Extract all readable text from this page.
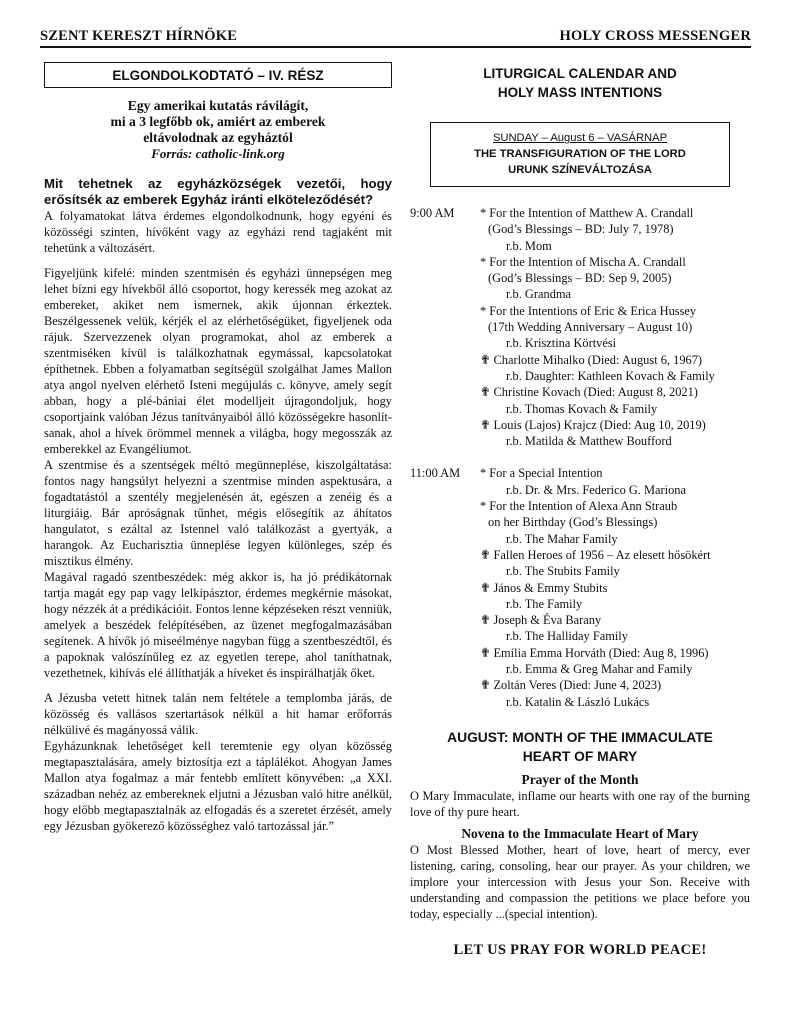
SZENT KERESZT HÍRNÖKE	HOLY CROSS MESSENGER
ELGONDOLKODTATÓ – IV. RÉSZ
Egy amerikai kutatás rávilágít,
mi a 3 legfőbb ok, amiért az emberek
eltávolodnak az egyháztól
Forrás: catholic-link.org
Mit tehetnek az egyházközségek vezetői, hogy erősítsék az emberek Egyház iránti elköteleződését?

A folyamatokat látva érdemes elgondolkodnunk, hogy egyéni és közösségi szinten, hívőként vagy az egyházi rend tagjaként mit tehetünk a változásért.

Figyeljünk kifelé: minden szentmisén és egyházi ünnepségen meg lehet bízni egy hívekből álló csoportot, hogy keressék meg azokat az embereket, akiket nem ismernek, akik újonnan érkeztek. Beszélgessenek velük, kérjék el az elérhetőségüket, figyeljenek oda rájuk. Szervezzenek olyan programokat, ahol az emberek a szentmiséken kívül is találkozhatnak egymással, kapcsolatokat építhetnek. Ebben a folyamatban segítségül szolgálhat James Mallon atya angol nyelven elérhető Isteni megújulás c. könyve, amely segít abban, hogy a plé-bániai élet modelljeit újragondoljuk, hogy csoportjaink valóban Jézus tanítványaiból álló közösségekre hasonlít-sanak, ahol a hívek örömmel mennek a világba, hogy megosszák az emberekkel az Evangéliumot.

A szentmise és a szentségek méltó megünneplése, kiszolgáltatása: fontos nagy hangsúlyt helyezni a szentmise minden aspektusára, a fogadtatástól a szentély megjelenésén át, egészen a zenéig és a liturgiáig. Bár apróságnak tűnhet, mégis elősegítik az áhítatos hangulatot, s ezáltal az Istennel való találkozást a gyertyák, a harangok. Az Eucharisztia ünneplése legyen különleges, szép és misztikus élmény.

Magával ragadó szentbeszédek: még akkor is, ha jó prédikátornak tartja magát egy pap vagy lelkipásztor, érdemes megkérnie másokat, hogy nézzék át a prédikációit. Fontos lenne képzéseken részt venniük, amelyek a beszédek felépítésében, az üzenet megfogalmazásában segítenek. A hívők jó miseélménye nagyban függ a szentbeszédtől, és a papoknak valószínűleg ez az egyetlen terepe, ahol taníthatnak, vezethetnek, kihívás elé állíthatják a híveket és inspirálhatják őket.

A Jézusba vetett hitnek talán nem feltétele a templomba járás, de közösség és vallásos szertartások nélkül a hit hamar erőforrás nélkülivé és magányossá válik.

Egyházunknak lehetőséget kell teremtenie egy olyan közösség megtapasztalására, amely biztosítja ezt a táplálékot. Ahogyan James Mallon atya fogalmaz a már fentebb említett könyvében: „a XXI. században nehéz az embereknek eljutni a Jézusban való hitre anélkül, hogy előbb megtapasztalnák az elfogadás és a szeretet érzését, amely egy Jézusban gyökerező közösséghez való tartozással jár.”

LITURGICAL CALENDAR AND
HOLY MASS INTENTIONS
SUNDAY – August 6 – VASÁRNAP
THE TRANSFIGURATION OF THE LORD
URUNK SZÍNEVÁLTOZÁSA
9:00 AM * For the Intention of Matthew A. Crandall
(God’s Blessings – BD: July 7, 1978)
r.b. Mom
* For the Intention of Mischa A. Crandall
(God’s Blessings – BD: Sep 9, 2005)
r.b. Grandma
* For the Intentions of Eric & Erica Hussey
(17th Wedding Anniversary – August 10)
r.b. Krisztina Körtvési
✟ Charlotte Mihalko (Died: August 6, 1967)
r.b. Daughter: Kathleen Kovach & Family
✟ Christine Kovach (Died: August 8, 2021)
r.b. Thomas Kovach & Family
✟ Louis (Lajos) Krajcz (Died: Aug 10, 2019)
r.b. Matilda & Matthew Boufford
11:00 AM * For a Special Intention
r.b. Dr. & Mrs. Federico G. Mariona
* For the Intention of Alexa Ann Straub
on her Birthday (God’s Blessings)
r.b. The Mahar Family
✟ Fallen Heroes of 1956 – Az elesett hősökért
r.b. The Stubits Family
✟ János & Emmy Stubits
r.b. The Family
✟ Joseph & Éva Barany
r.b. The Halliday Family
✟ Emília Emma Horváth (Died: Aug 8, 1996)
r.b. Emma & Greg Mahar and Family
✟ Zoltán Veres (Died: June 4, 2023)
r.b. Katalin & László Lukács
AUGUST: MONTH OF THE IMMACULATE
HEART OF MARY
Prayer of the Month
O Mary Immaculate, inflame our hearts with one ray of the burning love of thy pure heart.
Novena to the Immaculate Heart of Mary
O Most Blessed Mother, heart of love, heart of mercy, ever listening, caring, consoling, hear our prayer. As your children, we implore your intercession with Jesus your Son. Receive with understanding and compassion the petitions we place before you today, especially ...(special intention).
LET US PRAY FOR WORLD PEACE!
